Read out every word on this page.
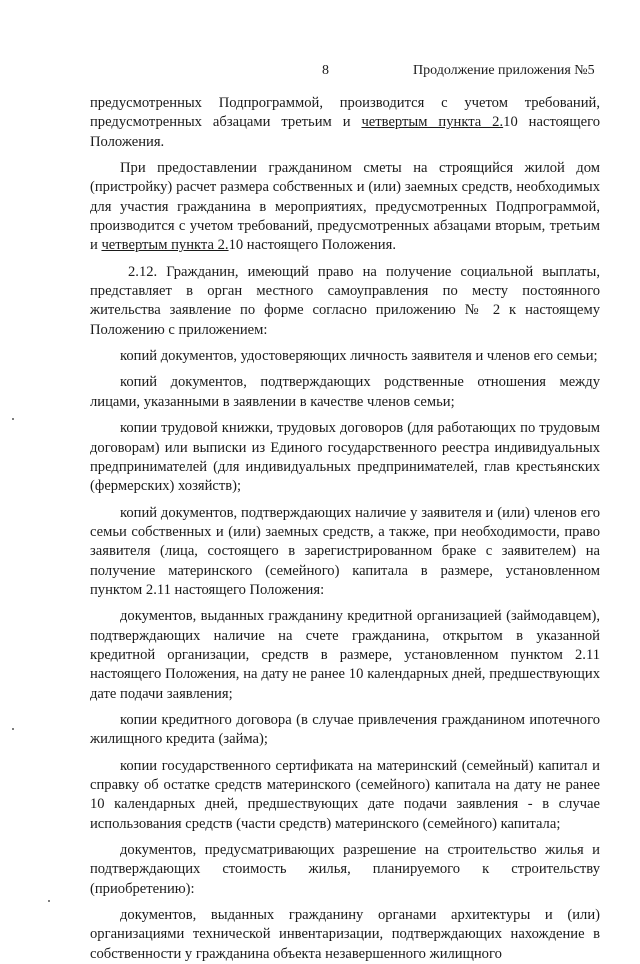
8	Продолжение приложения №5

предусмотренных Подпрограммой, производится с учетом требований, предусмотренных абзацами третьим и четвертым пункта 2.10 настоящего Положения.

При предоставлении гражданином сметы на строящийся жилой дом (пристройку) расчет размера собственных и (или) заемных средств, необходимых для участия гражданина в мероприятиях, предусмотренных Подпрограммой, производится с учетом требований, предусмотренных абзацами вторым, третьим и четвертым пункта 2.10 настоящего Положения.

2.12. Гражданин, имеющий право на получение социальной выплаты, представляет в орган местного самоуправления по месту постоянного жительства заявление по форме согласно приложению № 2 к настоящему Положению с приложением:

копий документов, удостоверяющих личность заявителя и членов его семьи;

копий документов, подтверждающих родственные отношения между лицами, указанными в заявлении в качестве членов семьи;

копии трудовой книжки, трудовых договоров (для работающих по трудовым договорам) или выписки из Единого государственного реестра индивидуальных предпринимателей (для индивидуальных предпринимателей, глав крестьянских (фермерских) хозяйств);

копий документов, подтверждающих наличие у заявителя и (или) членов его семьи собственных и (или) заемных средств, а также, при необходимости, право заявителя (лица, состоящего в зарегистрированном браке с заявителем) на получение материнского (семейного) капитала в размере, установленном пунктом 2.11 настоящего Положения:

документов, выданных гражданину кредитной организацией (займодавцем), подтверждающих наличие на счете гражданина, открытом в указанной кредитной организации, средств в размере, установленном пунктом 2.11 настоящего Положения, на дату не ранее 10 календарных дней, предшествующих дате подачи заявления;

копии кредитного договора (в случае привлечения гражданином ипотечного жилищного кредита (займа);

копии государственного сертификата на материнский (семейный) капитал и справку об остатке средств материнского (семейного) капитала на дату не ранее 10 календарных дней, предшествующих дате подачи заявления - в случае использования средств (части средств) материнского (семейного) капитала;

документов, предусматривающих разрешение на строительство жилья и подтверждающих стоимость жилья, планируемого к строительству (приобретению):

документов, выданных гражданину органами архитектуры и (или) организациями технической инвентаризации, подтверждающих нахождение в собственности у гражданина объекта незавершенного жилищного
